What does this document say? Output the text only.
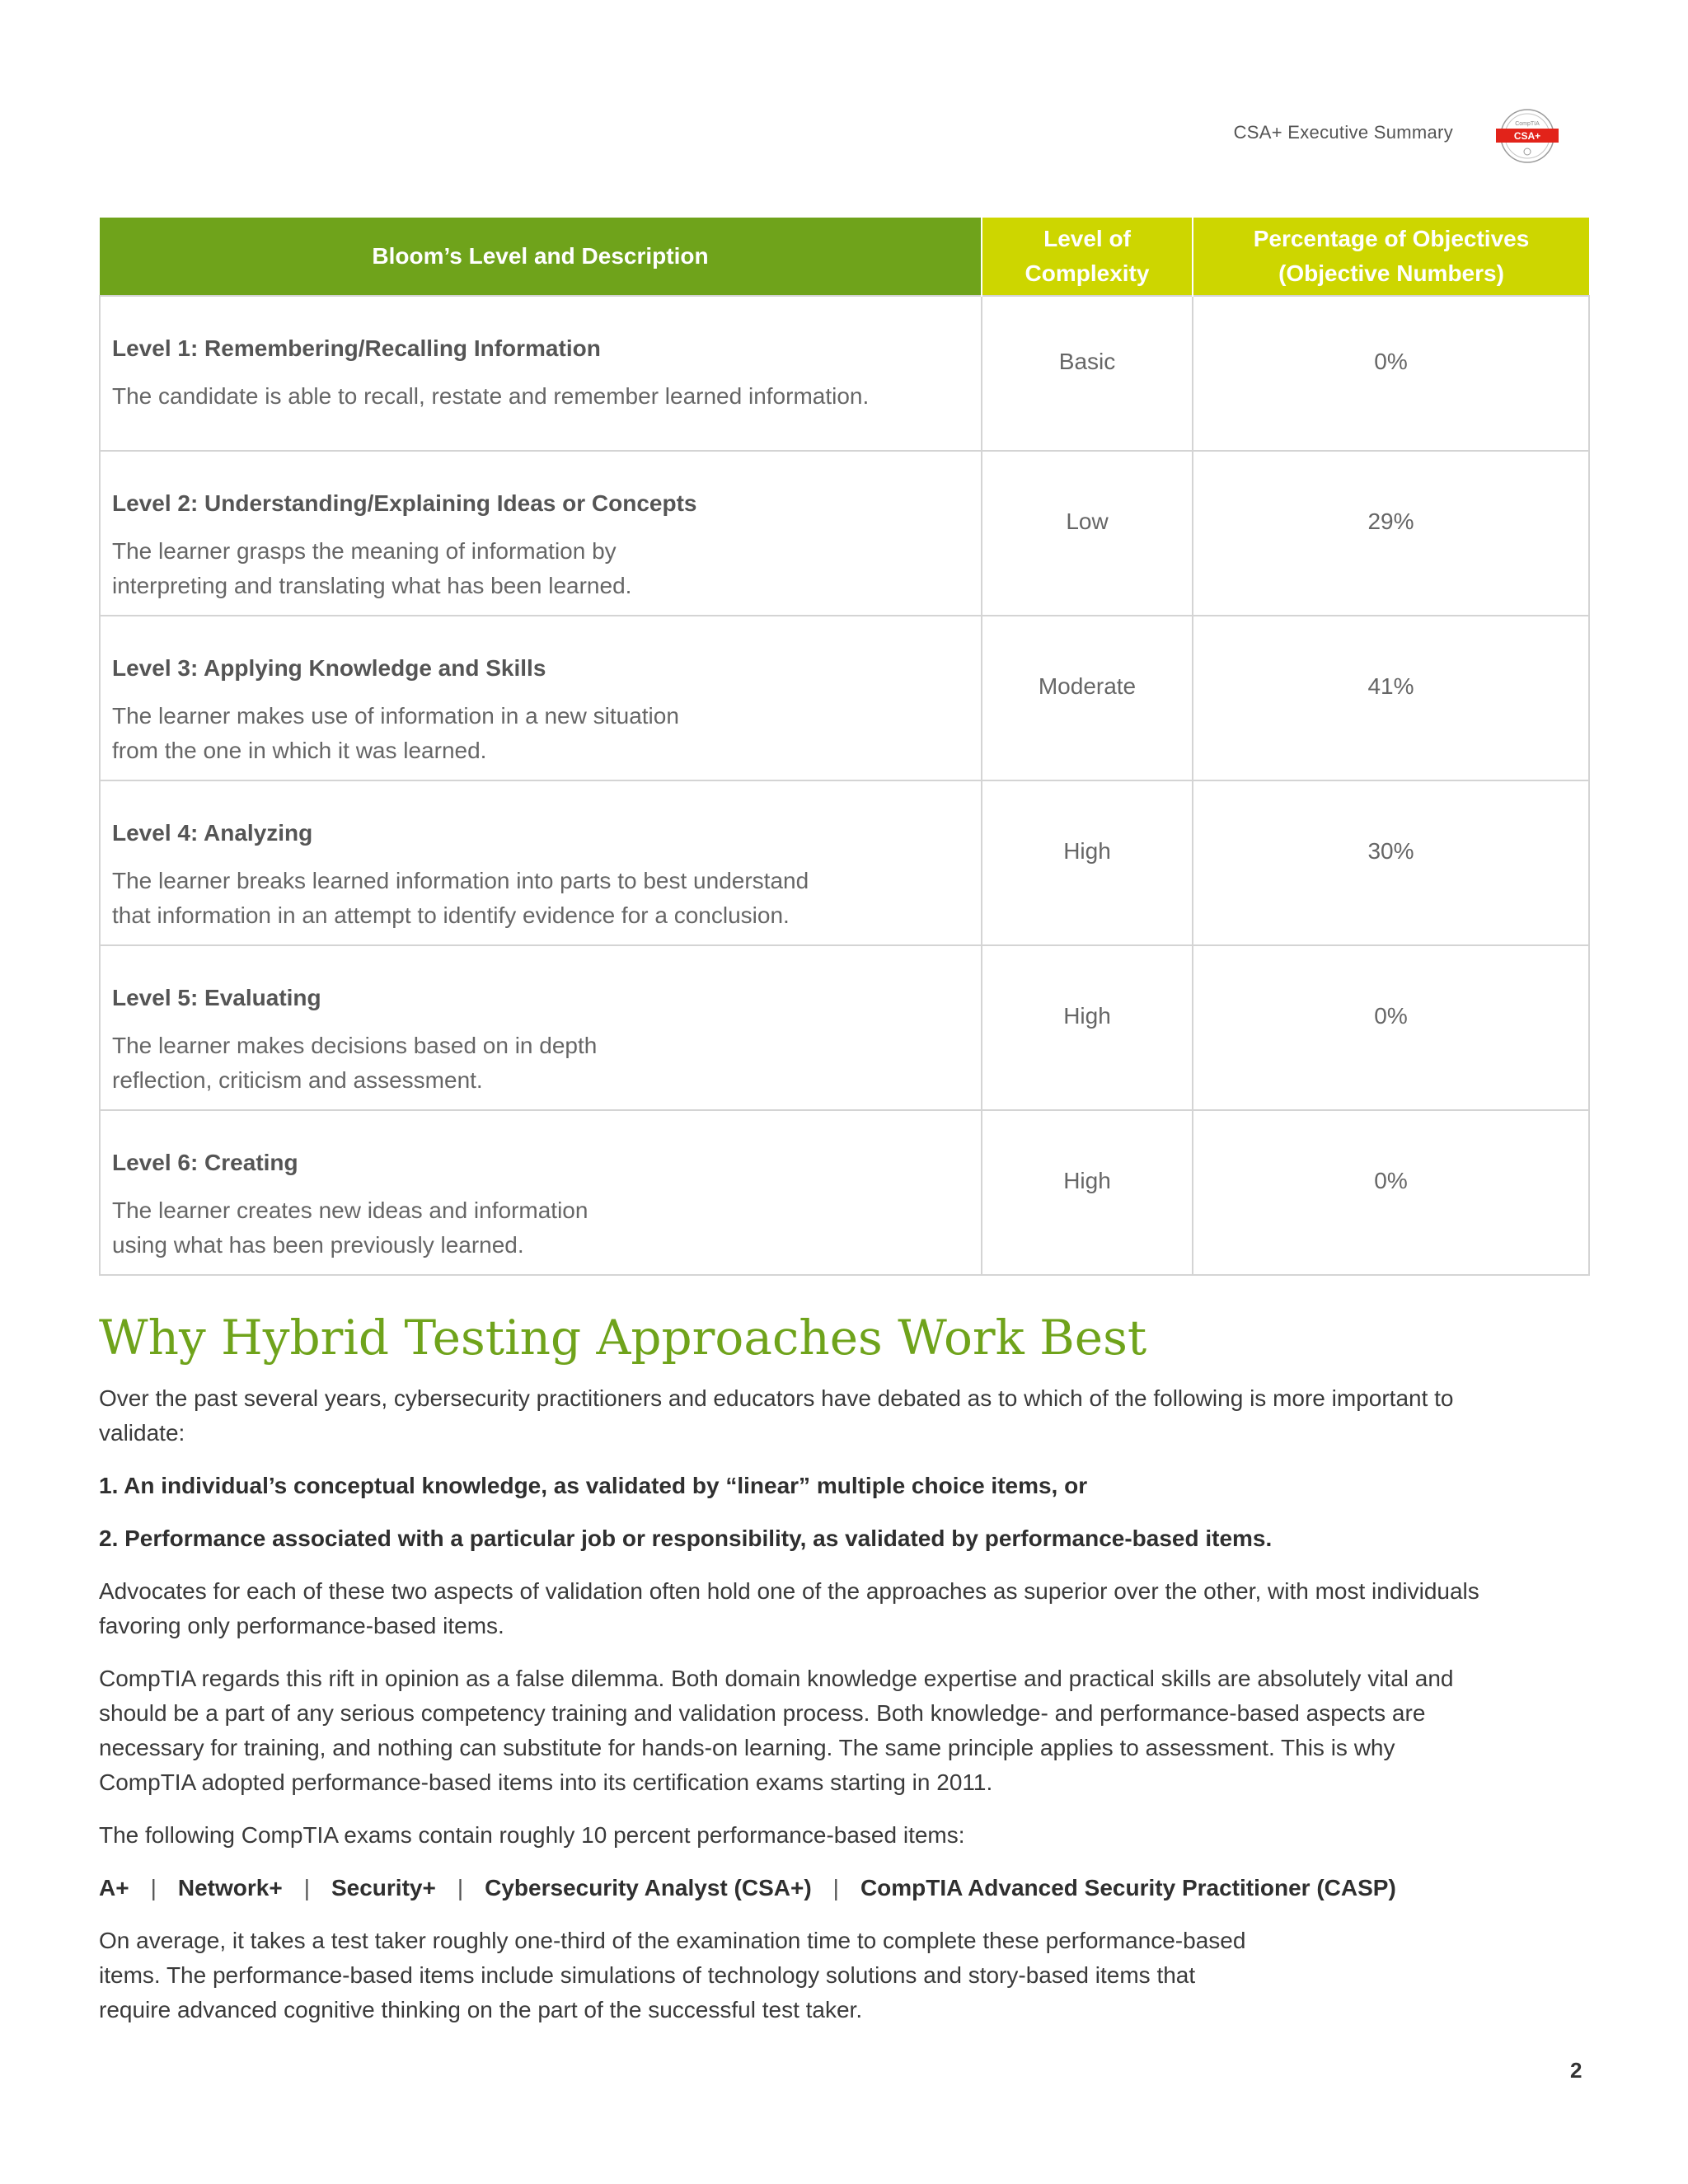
CSA+ Executive Summary	CompTIA
CSA+
Bloom’s Level and Description	Level of Complexity	Percentage of Objectives (Objective Numbers)

Level 1: Remembering/Recalling Information
The candidate is able to recall, restate and remember learned information.	Basic	0%

Level 2: Understanding/Explaining Ideas or Concepts
The learner grasps the meaning of information by
interpreting and translating what has been learned.	Low	29%

Level 3: Applying Knowledge and Skills
The learner makes use of information in a new situation
from the one in which it was learned.	Moderate	41%

Level 4: Analyzing
The learner breaks learned information into parts to best understand
that information in an attempt to identify evidence for a conclusion.	High	30%

Level 5: Evaluating
The learner makes decisions based on in depth
reflection, criticism and assessment.	High	0%

Level 6: Creating
The learner creates new ideas and information
using what has been previously learned.	High	0%
Why Hybrid Testing Approaches Work Best

Over the past several years, cybersecurity practitioners and educators have debated as to which of the following is more important to validate:

1. An individual’s conceptual knowledge, as validated by “linear” multiple choice items, or

2. Performance associated with a particular job or responsibility, as validated by performance-based items.

Advocates for each of these two aspects of validation often hold one of the approaches as superior over the other, with most individuals favoring only performance-based items.

CompTIA regards this rift in opinion as a false dilemma. Both domain knowledge expertise and practical skills are absolutely vital and should be a part of any serious competency training and validation process. Both knowledge- and performance-based aspects are necessary for training, and nothing can substitute for hands-on learning. The same principle applies to assessment. This is why CompTIA adopted performance-based items into its certification exams starting in 2011.

The following CompTIA exams contain roughly 10 percent performance-based items:

A+ | Network+ | Security+ | Cybersecurity Analyst (CSA+) | CompTIA Advanced Security Practitioner (CASP)

On average, it takes a test taker roughly one-third of the examination time to complete these performance-based items. The performance-based items include simulations of technology solutions and story-based items that require advanced cognitive thinking on the part of the successful test taker.

2
